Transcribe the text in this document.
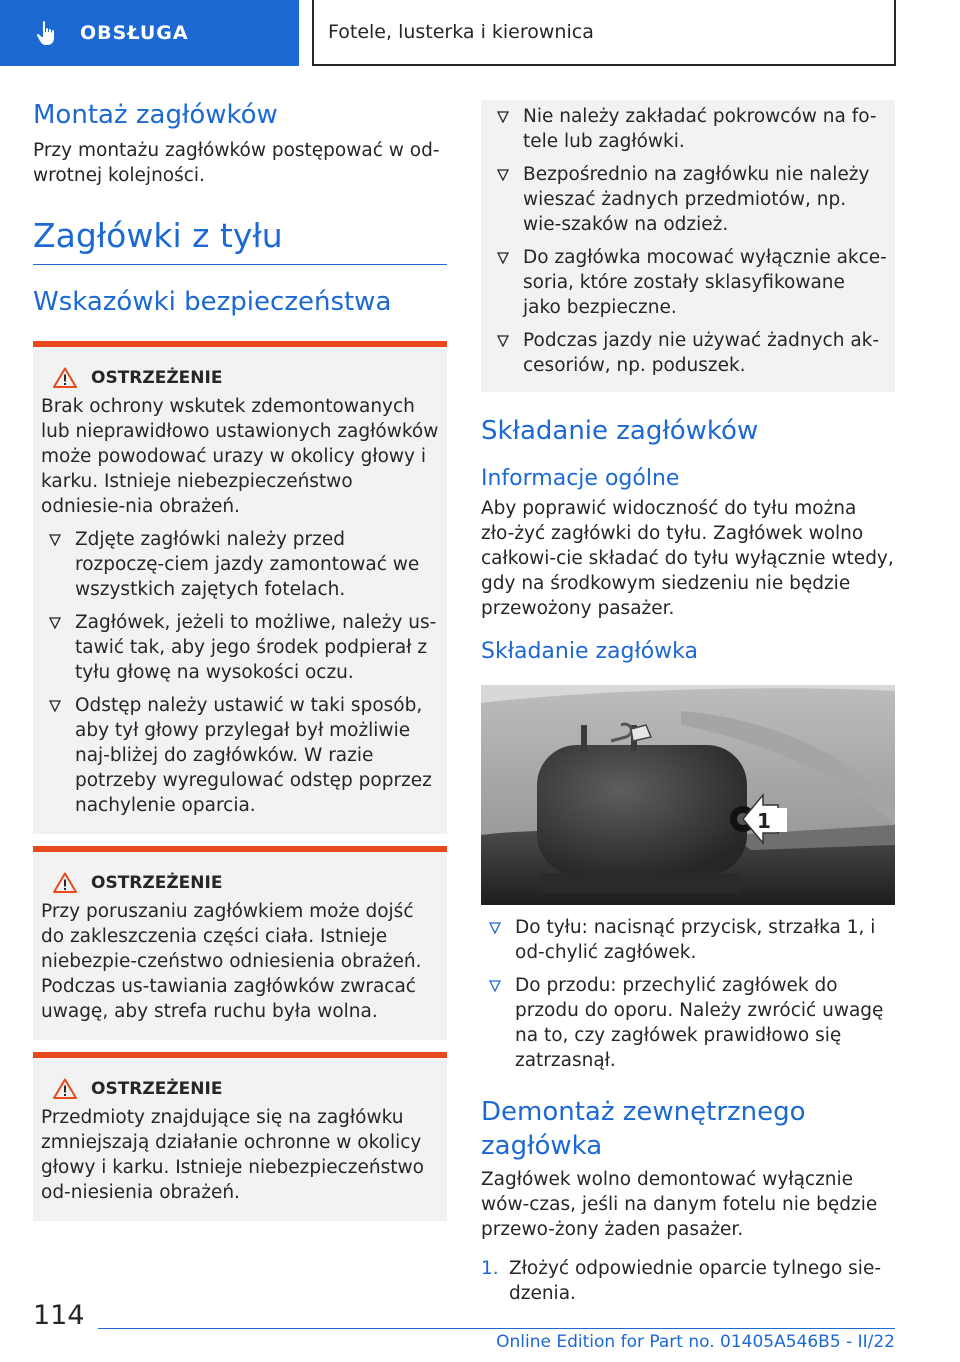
OBSŁUGA	Fotele, lusterka i kierownica
Montaż zagłówków
Przy montażu zagłówków postępować w od-wrotnej kolejności.
Zagłówki z tyłu
Wskazówki bezpieczeństwa
OSTRZEŻENIE
Brak ochrony wskutek zdemontowanych lub nieprawidłowo ustawionych zagłówków może powodować urazy w okolicy głowy i karku. Istnieje niebezpieczeństwo odniesie-nia obrażeń.
Zdjęte zagłówki należy przed rozpoczę-ciem jazdy zamontować we wszystkich zajętych fotelach.
Zagłówek, jeżeli to możliwe, należy us-tawić tak, aby jego środek podpierał z tyłu głowę na wysokości oczu.
Odstęp należy ustawić w taki sposób, aby tył głowy przylegał był możliwie naj-bliżej do zagłówków. W razie potrzeby wyregulować odstęp poprzez nachylenie oparcia.
OSTRZEŻENIE
Przy poruszaniu zagłówkiem może dojść do zakleszczenia części ciała. Istnieje niebezpie-czeństwo odniesienia obrażeń. Podczas us-tawiania zagłówków zwracać uwagę, aby strefa ruchu była wolna.
OSTRZEŻENIE
Przedmioty znajdujące się na zagłówku zmniejszają działanie ochronne w okolicy głowy i karku. Istnieje niebezpieczeństwo od-niesienia obrażeń.
Nie należy zakładać pokrowców na fo-tele lub zagłówki.
Bezpośrednio na zagłówku nie należy wieszać żadnych przedmiotów, np. wie-szaków na odzież.
Do zagłówka mocować wyłącznie akce-soria, które zostały sklasyfikowane jako bezpieczne.
Podczas jazdy nie używać żadnych ak-cesoriów, np. poduszek.
Składanie zagłówków
Informacje ogólne
Aby poprawić widoczność do tyłu można zło-żyć zagłówki do tyłu. Zagłówek wolno całkowi-cie składać do tyłu wyłącznie wtedy, gdy na środkowym siedzeniu nie będzie przewożony pasażer.
Składanie zagłówka
1
Do tyłu: nacisnąć przycisk, strzałka 1, i od-chylić zagłówek.
Do przodu: przechylić zagłówek do przodu do oporu. Należy zwrócić uwagę na to, czy zagłówek prawidłowo się zatrzasnął.
Demontaż zewnętrznego zagłówka
Zagłówek wolno demontować wyłącznie wów-czas, jeśli na danym fotelu nie będzie przewo-żony żaden pasażer.
1. Złożyć odpowiednie oparcie tylnego sie-dzenia.
114
Online Edition for Part no. 01405A546B5 - II/22
